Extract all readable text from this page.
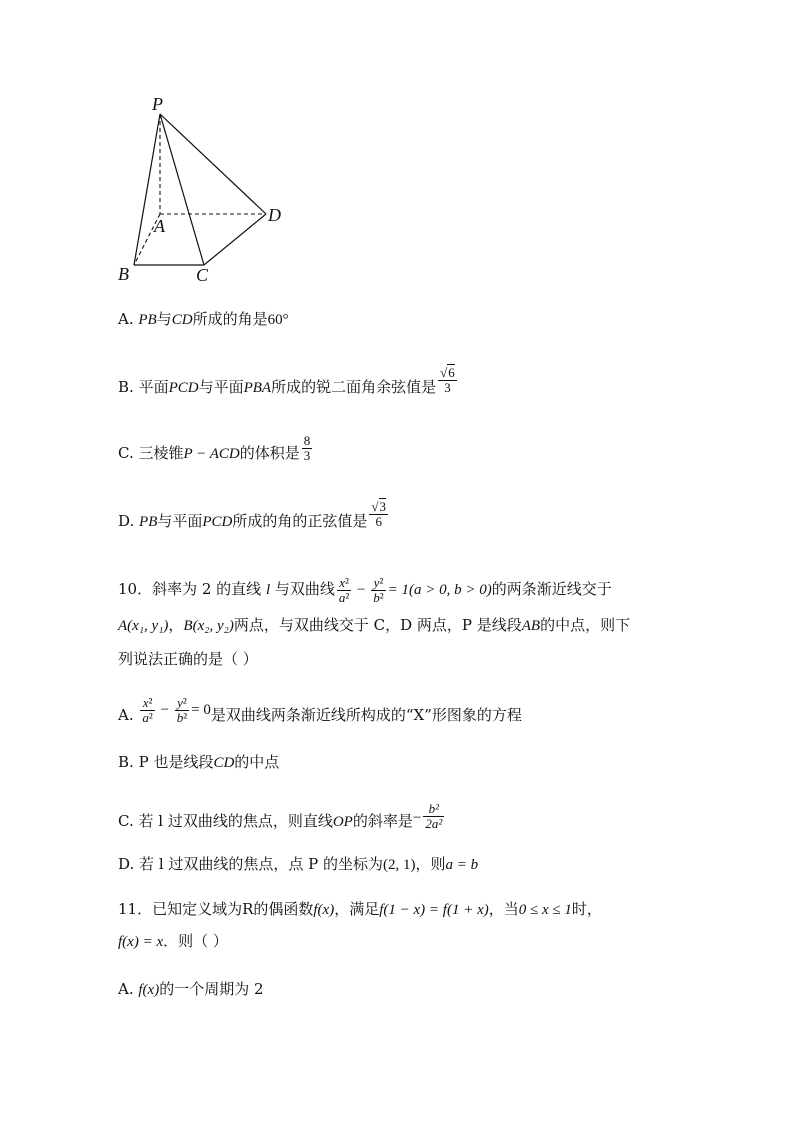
P
A
B	C
D
A. PB与CD所成的角是60°
B. 平面PCD与平面PBA所成的锐二面角余弦值是 $\frac{√6}{3}$
C. 三棱锥P − ACD的体积是 $\frac{8}{3}$
D. PB与平面PCD所成的角的正弦值是 $\frac{√3}{6}$
10．斜率为 2 的直线 l 与双曲线 $\frac{\text{x²}}{\text{a²}} - \frac{\text{y²}}{\text{b²}} = 1(a > 0$, b > 0)的两条渐近线交于
A(x₁, y₁)，B(x₂, y₂)两点，与双曲线交于 C，D 两点，P 是线段AB的中点，则下
列说法正确的是（ ）
A. $\frac{\text{x²}}{\text{a²}} - \frac{\text{y²}}{\text{b²}} = 0$是双曲线两条渐近线所构成的“X”形图象的方程
B. P 也是线段CD的中点
C. 若 l 过双曲线的焦点，则直线OP的斜率是− $\frac{\text{b²}}{\text{2a²}}$
D. 若 l 过双曲线的焦点，点 P 的坐标为(2, 1)，则a = b
11．已知定义域为R的偶函数f(x)，满足f(1 − x) = f(1 + x)，当0 ≤ x ≤ 1时，
f(x) = x．则（ ）
A. f(x)的一个周期为 2
